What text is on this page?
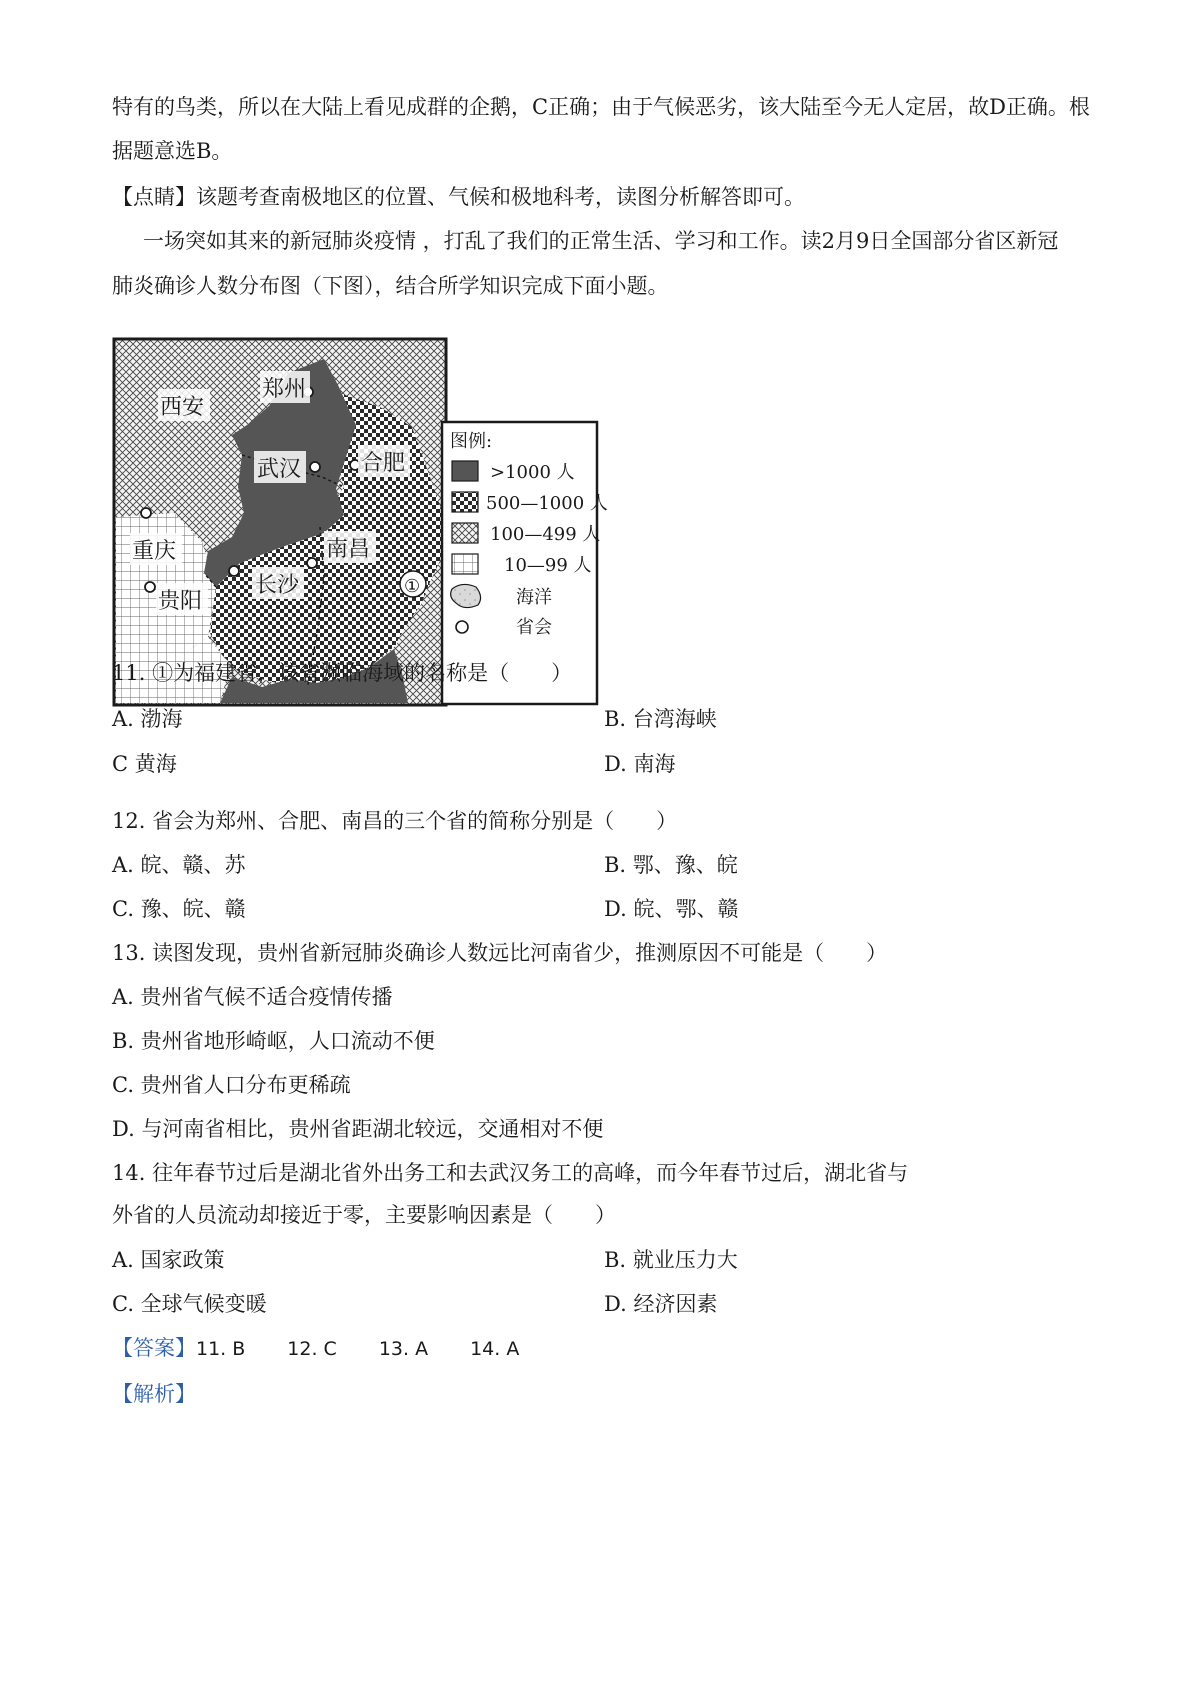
特有的鸟类，所以在大陆上看见成群的企鹅，C正确；由于气候恶劣，该大陆至今无人定居，故D正确。根
据题意选B。
【点睛】该题考查南极地区的位置、气候和极地科考，读图分析解答即可。
一场突如其来的新冠肺炎疫情 ，打乱了我们的正常生活、学习和工作。读2月9日全国部分省区新冠
肺炎确诊人数分布图（下图），结合所学知识完成下面小题。
郑州
西安
武汉	合肥
重庆
长沙
南昌
贵阳
①
图例:
>1000 人
500—1000 人
100—499 人
10—99 人
海洋
省会
11. ①为福建省，该省濒临海域的名称是（　　）
A. 渤海	B. 台湾海峡
C 黄海	D. 南海
12. 省会为郑州、合肥、南昌的三个省的简称分别是（　　）
A. 皖、赣、苏	B. 鄂、豫、皖
C. 豫、皖、赣	D. 皖、鄂、赣
13. 读图发现，贵州省新冠肺炎确诊人数远比河南省少，推测原因不可能是（　　）
A. 贵州省气候不适合疫情传播
B. 贵州省地形崎岖，人口流动不便
C. 贵州省人口分布更稀疏
D. 与河南省相比，贵州省距湖北较远，交通相对不便
14. 往年春节过后是湖北省外出务工和去武汉务工的高峰，而今年春节过后，湖北省与
外省的人员流动却接近于零，主要影响因素是（　　）
A. 国家政策	B. 就业压力大
C. 全球气候变暖	D. 经济因素
【答案】11. B 12. C 13. A 14. A
【解析】
